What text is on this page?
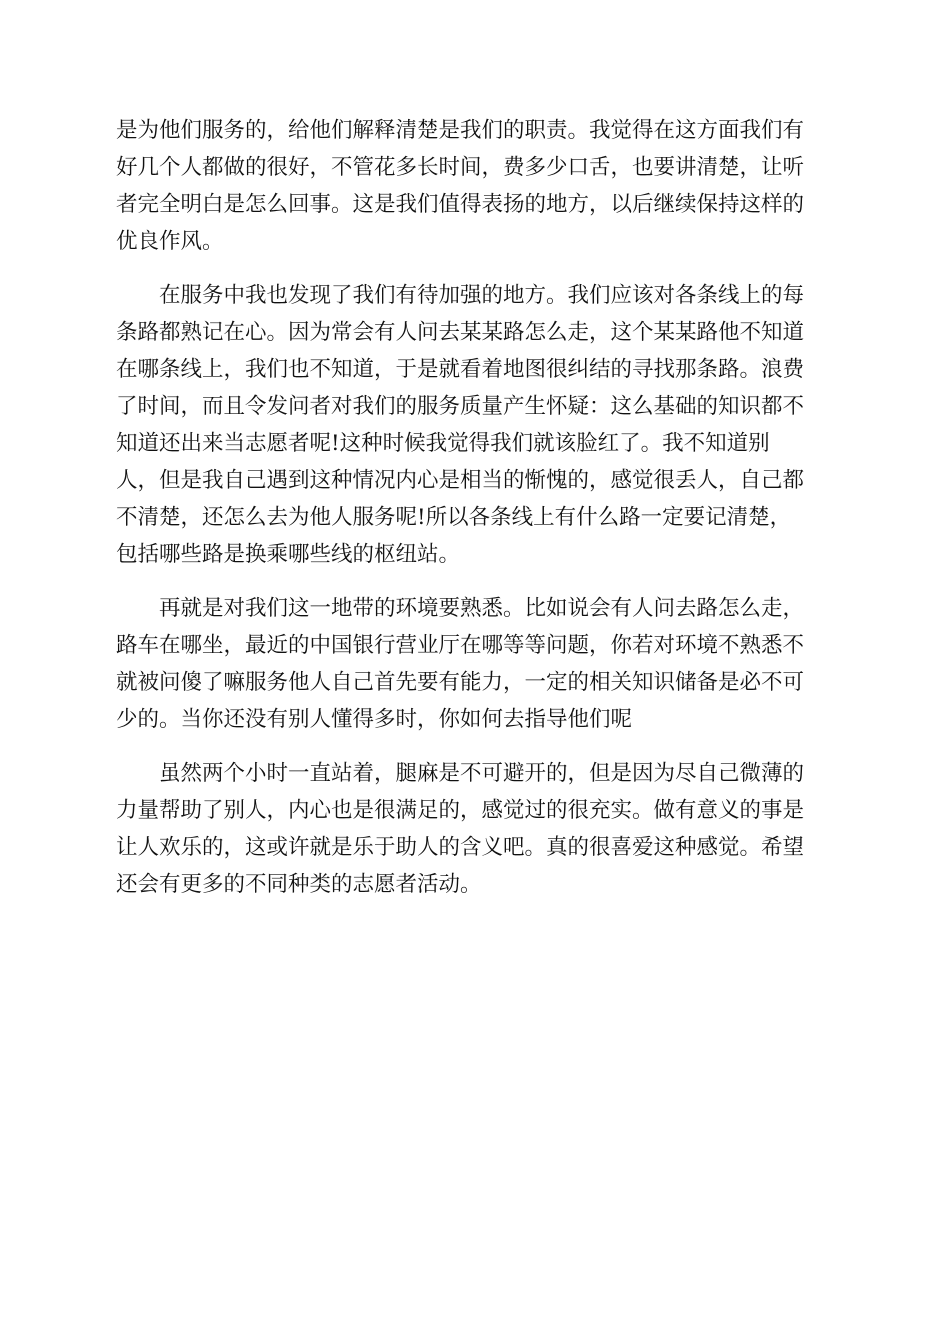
是为他们服务的，给他们解释清楚是我们的职责。我觉得在这方面我们有
好几个人都做的很好，不管花多长时间，费多少口舌，也要讲清楚，让听
者完全明白是怎么回事。这是我们值得表扬的地方，以后继续保持这样的
优良作风。

在服务中我也发现了我们有待加强的地方。我们应该对各条线上的每
条路都熟记在心。因为常会有人问去某某路怎么走，这个某某路他不知道
在哪条线上，我们也不知道，于是就看着地图很纠结的寻找那条路。浪费
了时间，而且令发问者对我们的服务质量产生怀疑：这么基础的知识都不
知道还出来当志愿者呢!这种时候我觉得我们就该脸红了。我不知道别
人，但是我自己遇到这种情况内心是相当的惭愧的，感觉很丢人，自己都
不清楚，还怎么去为他人服务呢!所以各条线上有什么路一定要记清楚，
包括哪些路是换乘哪些线的枢纽站。

再就是对我们这一地带的环境要熟悉。比如说会有人问去路怎么走，
路车在哪坐，最近的中国银行营业厅在哪等等问题，你若对环境不熟悉不
就被问傻了嘛服务他人自己首先要有能力，一定的相关知识储备是必不可
少的。当你还没有别人懂得多时，你如何去指导他们呢

虽然两个小时一直站着，腿麻是不可避开的，但是因为尽自己微薄的
力量帮助了别人，内心也是很满足的，感觉过的很充实。做有意义的事是
让人欢乐的，这或许就是乐于助人的含义吧。真的很喜爱这种感觉。希望
还会有更多的不同种类的志愿者活动。
